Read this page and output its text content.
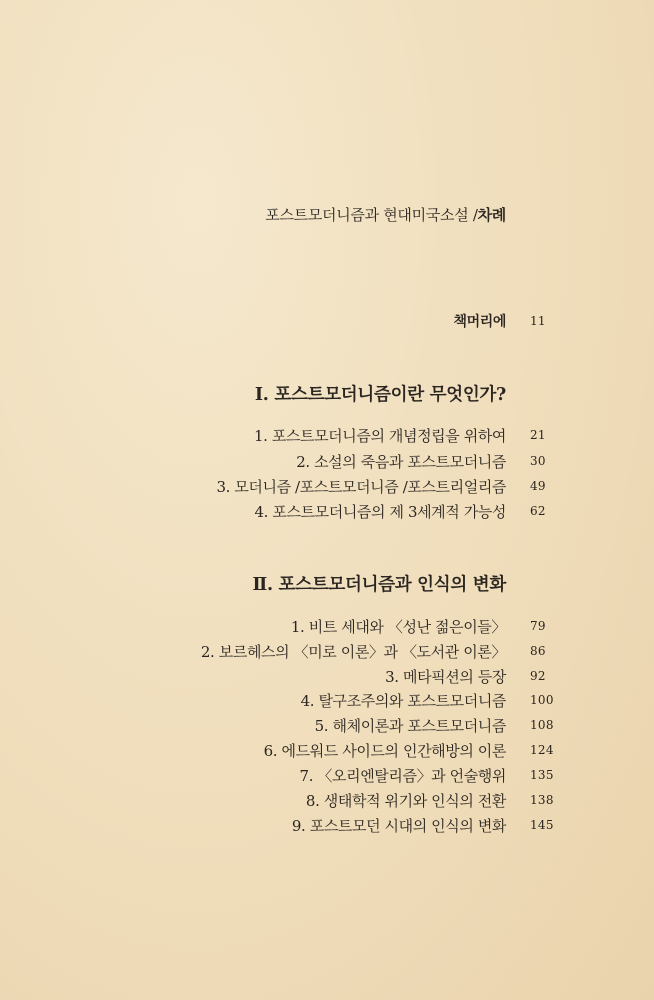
포스트모더니즘과 현대미국소설 /차례
책머리에 11
Ⅰ. 포스트모더니즘이란 무엇인가?
1. 포스트모더니즘의 개념정립을 위하여 21
2. 소설의 죽음과 포스트모더니즘 30
3. 모더니즘 /포스트모더니즘 /포스트리얼리즘 49
4. 포스트모더니즘의 제 3세계적 가능성 62
Ⅱ. 포스트모더니즘과 인식의 변화
1. 비트 세대와 〈성난 젊은이들〉 79
2. 보르헤스의 〈미로 이론〉과 〈도서관 이론〉 86
3. 메타픽션의 등장 92
4. 탈구조주의와 포스트모더니즘 100
5. 해체이론과 포스트모더니즘 108
6. 에드워드 사이드의 인간해방의 이론 124
7. 〈오리엔탈리즘〉과 언술행위 135
8. 생태학적 위기와 인식의 전환 138
9. 포스트모던 시대의 인식의 변화 145
